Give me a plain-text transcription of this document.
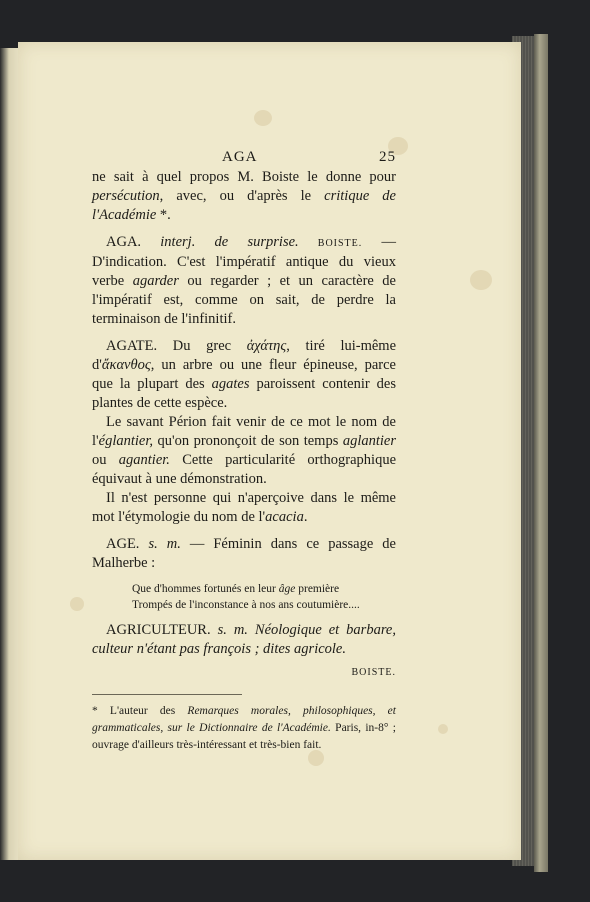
AGA	25

ne sait à quel propos M. Boiste le donne pour persécution, avec, ou d'après le critique de l'Académie *.

AGA. interj. de surprise. BOISTE. — D'indication. C'est l'impératif antique du vieux verbe agarder ou regarder ; et un caractère de l'impératif est, comme on sait, de perdre la terminaison de l'infinitif.

AGATE. Du grec ἀχάτης, tiré lui-même d'ἄκανθος, un arbre ou une fleur épineuse, parce que la plupart des agates paroissent contenir des plantes de cette espèce.

Le savant Périon fait venir de ce mot le nom de l'églantier, qu'on prononçoit de son temps aglantier ou agantier. Cette particularité orthographique équivaut à une démonstration.

Il n'est personne qui n'aperçoive dans le même mot l'étymologie du nom de l'acacia.

AGE. s. m. — Féminin dans ce passage de Malherbe :

Que d'hommes fortunés en leur âge première
Trompés de l'inconstance à nos ans coutumière....

AGRICULTEUR. s. m. Néologique et barbare, culteur n'étant pas françois ; dites agricole.

BOISTE.

* L'auteur des Remarques morales, philosophiques, et grammaticales, sur le Dictionnaire de l'Académie. Paris, in-8° ; ouvrage d'ailleurs très-intéressant et très-bien fait.
